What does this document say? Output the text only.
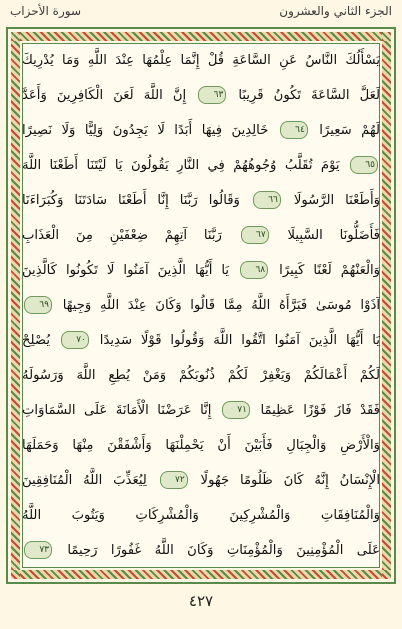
سورة الأحزاب	الجزء الثاني والعشرون
يَسْأَلُكَ النَّاسُ عَنِ السَّاعَةِ قُلْ إِنَّمَا عِلْمُهَا عِنْدَ اللَّهِ وَمَا يُدْرِيكَ
لَعَلَّ السَّاعَةَ تَكُونُ قَرِيبًا ٦٣ إِنَّ اللَّهَ لَعَنَ الْكَافِرِينَ وَأَعَدَّ
لَهُمْ سَعِيرًا ٦٤ خَالِدِينَ فِيهَا أَبَدًا لَا يَجِدُونَ وَلِيًّا وَلَا نَصِيرًا
٦٥ يَوْمَ تُقَلَّبُ وُجُوهُهُمْ فِي النَّارِ يَقُولُونَ يَا لَيْتَنَا أَطَعْنَا اللَّهَ
وَأَطَعْنَا الرَّسُولَا ٦٦ وَقَالُوا رَبَّنَا إِنَّا أَطَعْنَا سَادَتَنَا وَكُبَرَاءَنَا
فَأَضَلُّونَا السَّبِيلَا ٦٧ رَبَّنَا آتِهِمْ ضِعْفَيْنِ مِنَ الْعَذَابِ
وَالْعَنْهُمْ لَعْنًا كَبِيرًا ٦٨ يَا أَيُّهَا الَّذِينَ آمَنُوا لَا تَكُونُوا كَالَّذِينَ
آذَوْا مُوسَىٰ فَبَرَّأَهُ اللَّهُ مِمَّا قَالُوا وَكَانَ عِنْدَ اللَّهِ وَجِيهًا ٦٩
يَا أَيُّهَا الَّذِينَ آمَنُوا اتَّقُوا اللَّهَ وَقُولُوا قَوْلًا سَدِيدًا ٧٠ يُصْلِحْ
لَكُمْ أَعْمَالَكُمْ وَيَغْفِرْ لَكُمْ ذُنُوبَكُمْ وَمَنْ يُطِعِ اللَّهَ وَرَسُولَهُ
فَقَدْ فَازَ فَوْزًا عَظِيمًا ٧١ إِنَّا عَرَضْنَا الْأَمَانَةَ عَلَى السَّمَاوَاتِ
وَالْأَرْضِ وَالْجِبَالِ فَأَبَيْنَ أَنْ يَحْمِلْنَهَا وَأَشْفَقْنَ مِنْهَا وَحَمَلَهَا
الْإِنْسَانُ إِنَّهُ كَانَ ظَلُومًا جَهُولًا ٧٢ لِيُعَذِّبَ اللَّهُ الْمُنَافِقِينَ
وَالْمُنَافِقَاتِ وَالْمُشْرِكِينَ وَالْمُشْرِكَاتِ وَيَتُوبَ اللَّهُ
عَلَى الْمُؤْمِنِينَ وَالْمُؤْمِنَاتِ وَكَانَ اللَّهُ غَفُورًا رَحِيمًا ٧٣
٤٢٧
